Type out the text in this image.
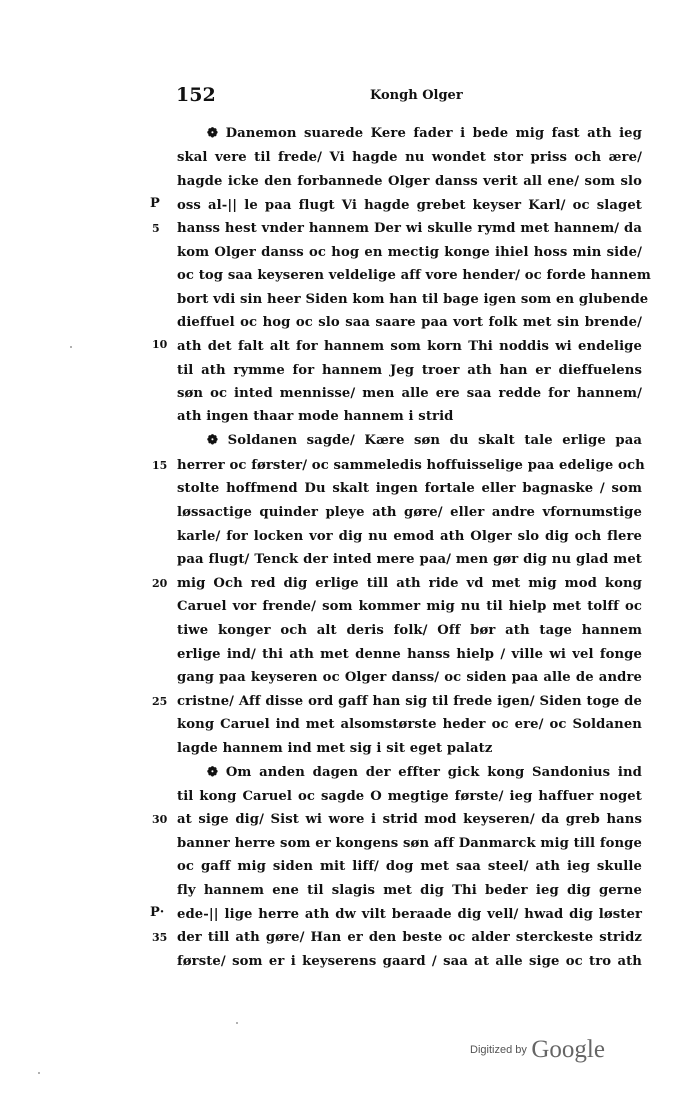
152	Kongh Olger
P
5
10
15
20
25
30
P·
35
❁ Danemon suarede Kere fader i bede mig fast ath ieg
skal vere til frede/ Vi hagde nu wondet stor priss och ære/
hagde icke den forbannede Olger danss verit all ene/ som slo
oss al-|| le paa flugt Vi hagde grebet keyser Karl/ oc slaget
hanss hest vnder hannem Der wi skulle rymd met hannem/ da
kom Olger danss oc hog en mectig konge ihiel hoss min side/
oc tog saa keyseren veldelige aff vore hender/ oc forde hannem
bort vdi sin heer Siden kom han til bage igen som en glubende
dieffuel oc hog oc slo saa saare paa vort folk met sin brende/
ath det falt alt for hannem som korn Thi noddis wi endelige
til ath rymme for hannem Jeg troer ath han er dieffuelens
søn oc inted mennisse/ men alle ere saa redde for hannem/
ath ingen thaar mode hannem i strid
❁ Soldanen sagde/ Kære søn du skalt tale erlige paa
herrer oc førster/ oc sammeledis hoffuisselige paa edelige och
stolte hoffmend Du skalt ingen fortale eller bagnaske / som
løssactige quinder pleye ath gøre/ eller andre vfornumstige
karle/ for locken vor dig nu emod ath Olger slo dig och flere
paa flugt/ Tenck der inted mere paa/ men gør dig nu glad met
mig Och red dig erlige till ath ride vd met mig mod kong
Caruel vor frende/ som kommer mig nu til hielp met tolff oc
tiwe konger och alt deris folk/ Off bør ath tage hannem
erlige ind/ thi ath met denne hanss hielp / ville wi vel fonge
gang paa keyseren oc Olger danss/ oc siden paa alle de andre
cristne/ Aff disse ord gaff han sig til frede igen/ Siden toge de
kong Caruel ind met alsomstørste heder oc ere/ oc Soldanen
lagde hannem ind met sig i sit eget palatz
❁ Om anden dagen der effter gick kong Sandonius ind
til kong Caruel oc sagde O megtige første/ ieg haffuer noget
at sige dig/ Sist wi wore i strid mod keyseren/ da greb hans
banner herre som er kongens søn aff Danmarck mig till fonge
oc gaff mig siden mit liff/ dog met saa steel/ ath ieg skulle
fly hannem ene til slagis met dig Thi beder ieg dig gerne
ede-|| lige herre ath dw vilt beraade dig vell/ hwad dig løster
der till ath gøre/ Han er den beste oc alder sterckeste stridz
første/ som er i keyserens gaard / saa at alle sige oc tro ath
Digitized by Google
